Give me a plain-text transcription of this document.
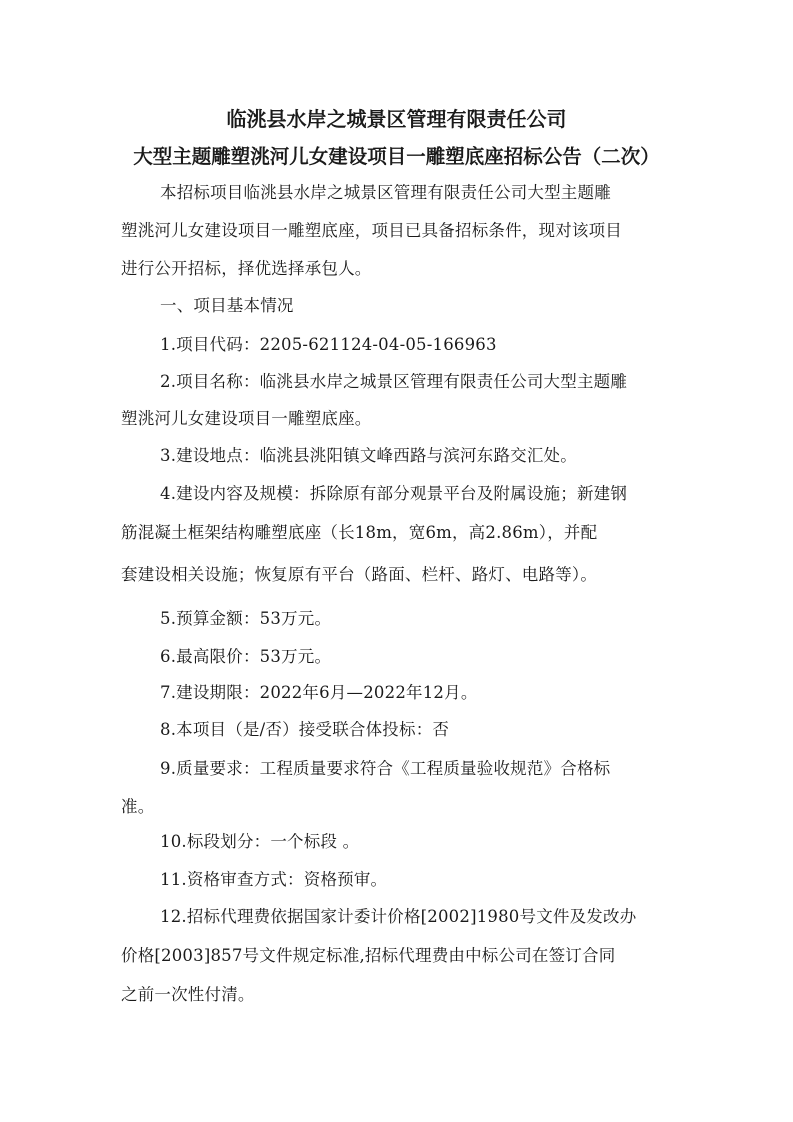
临洮县水岸之城景区管理有限责任公司
大型主题雕塑洮河儿女建设项目一雕塑底座招标公告（二次）
本招标项目临洮县水岸之城景区管理有限责任公司大型主题雕
塑洮河儿女建设项目一雕塑底座，项目已具备招标条件，现对该项目
进行公开招标，择优选择承包人。
一、项目基本情况
1.项目代码：2205-621124-04-05-166963
2.项目名称：临洮县水岸之城景区管理有限责任公司大型主题雕
塑洮河儿女建设项目一雕塑底座。
3.建设地点：临洮县洮阳镇文峰西路与滨河东路交汇处。
4.建设内容及规模：拆除原有部分观景平台及附属设施；新建钢
筋混凝土框架结构雕塑底座（长18m，宽6m，高2.86m），并配
套建设相关设施；恢复原有平台（路面、栏杆、路灯、电路等）。
5.预算金额：53万元。
6.最高限价：53万元。
7.建设期限：2022年6月—2022年12月。
8.本项目（是/否）接受联合体投标：否
9.质量要求：工程质量要求符合《工程质量验收规范》合格标
准。
10.标段划分：一个标段 。
11.资格审查方式：资格预审。
12.招标代理费依据国家计委计价格[2002]1980号文件及发改办
价格[2003]857号文件规定标准,招标代理费由中标公司在签订合同
之前一次性付清。
